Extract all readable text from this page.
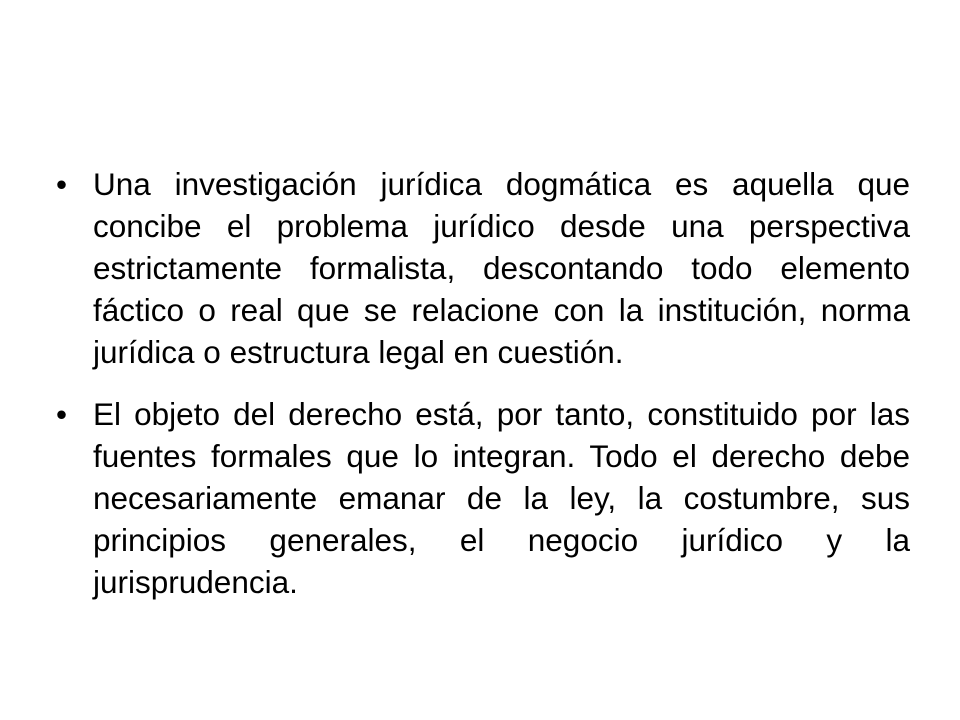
• Una investigación jurídica dogmática es aquella que concibe el problema jurídico desde una perspectiva estrictamente formalista, descontando todo elemento fáctico o real que se relacione con la institución, norma jurídica o estructura legal en cuestión.
• El objeto del derecho está, por tanto, constituido por las fuentes formales que lo integran. Todo el derecho debe necesariamente emanar de la ley, la costumbre, sus principios generales, el negocio jurídico y la jurisprudencia.
